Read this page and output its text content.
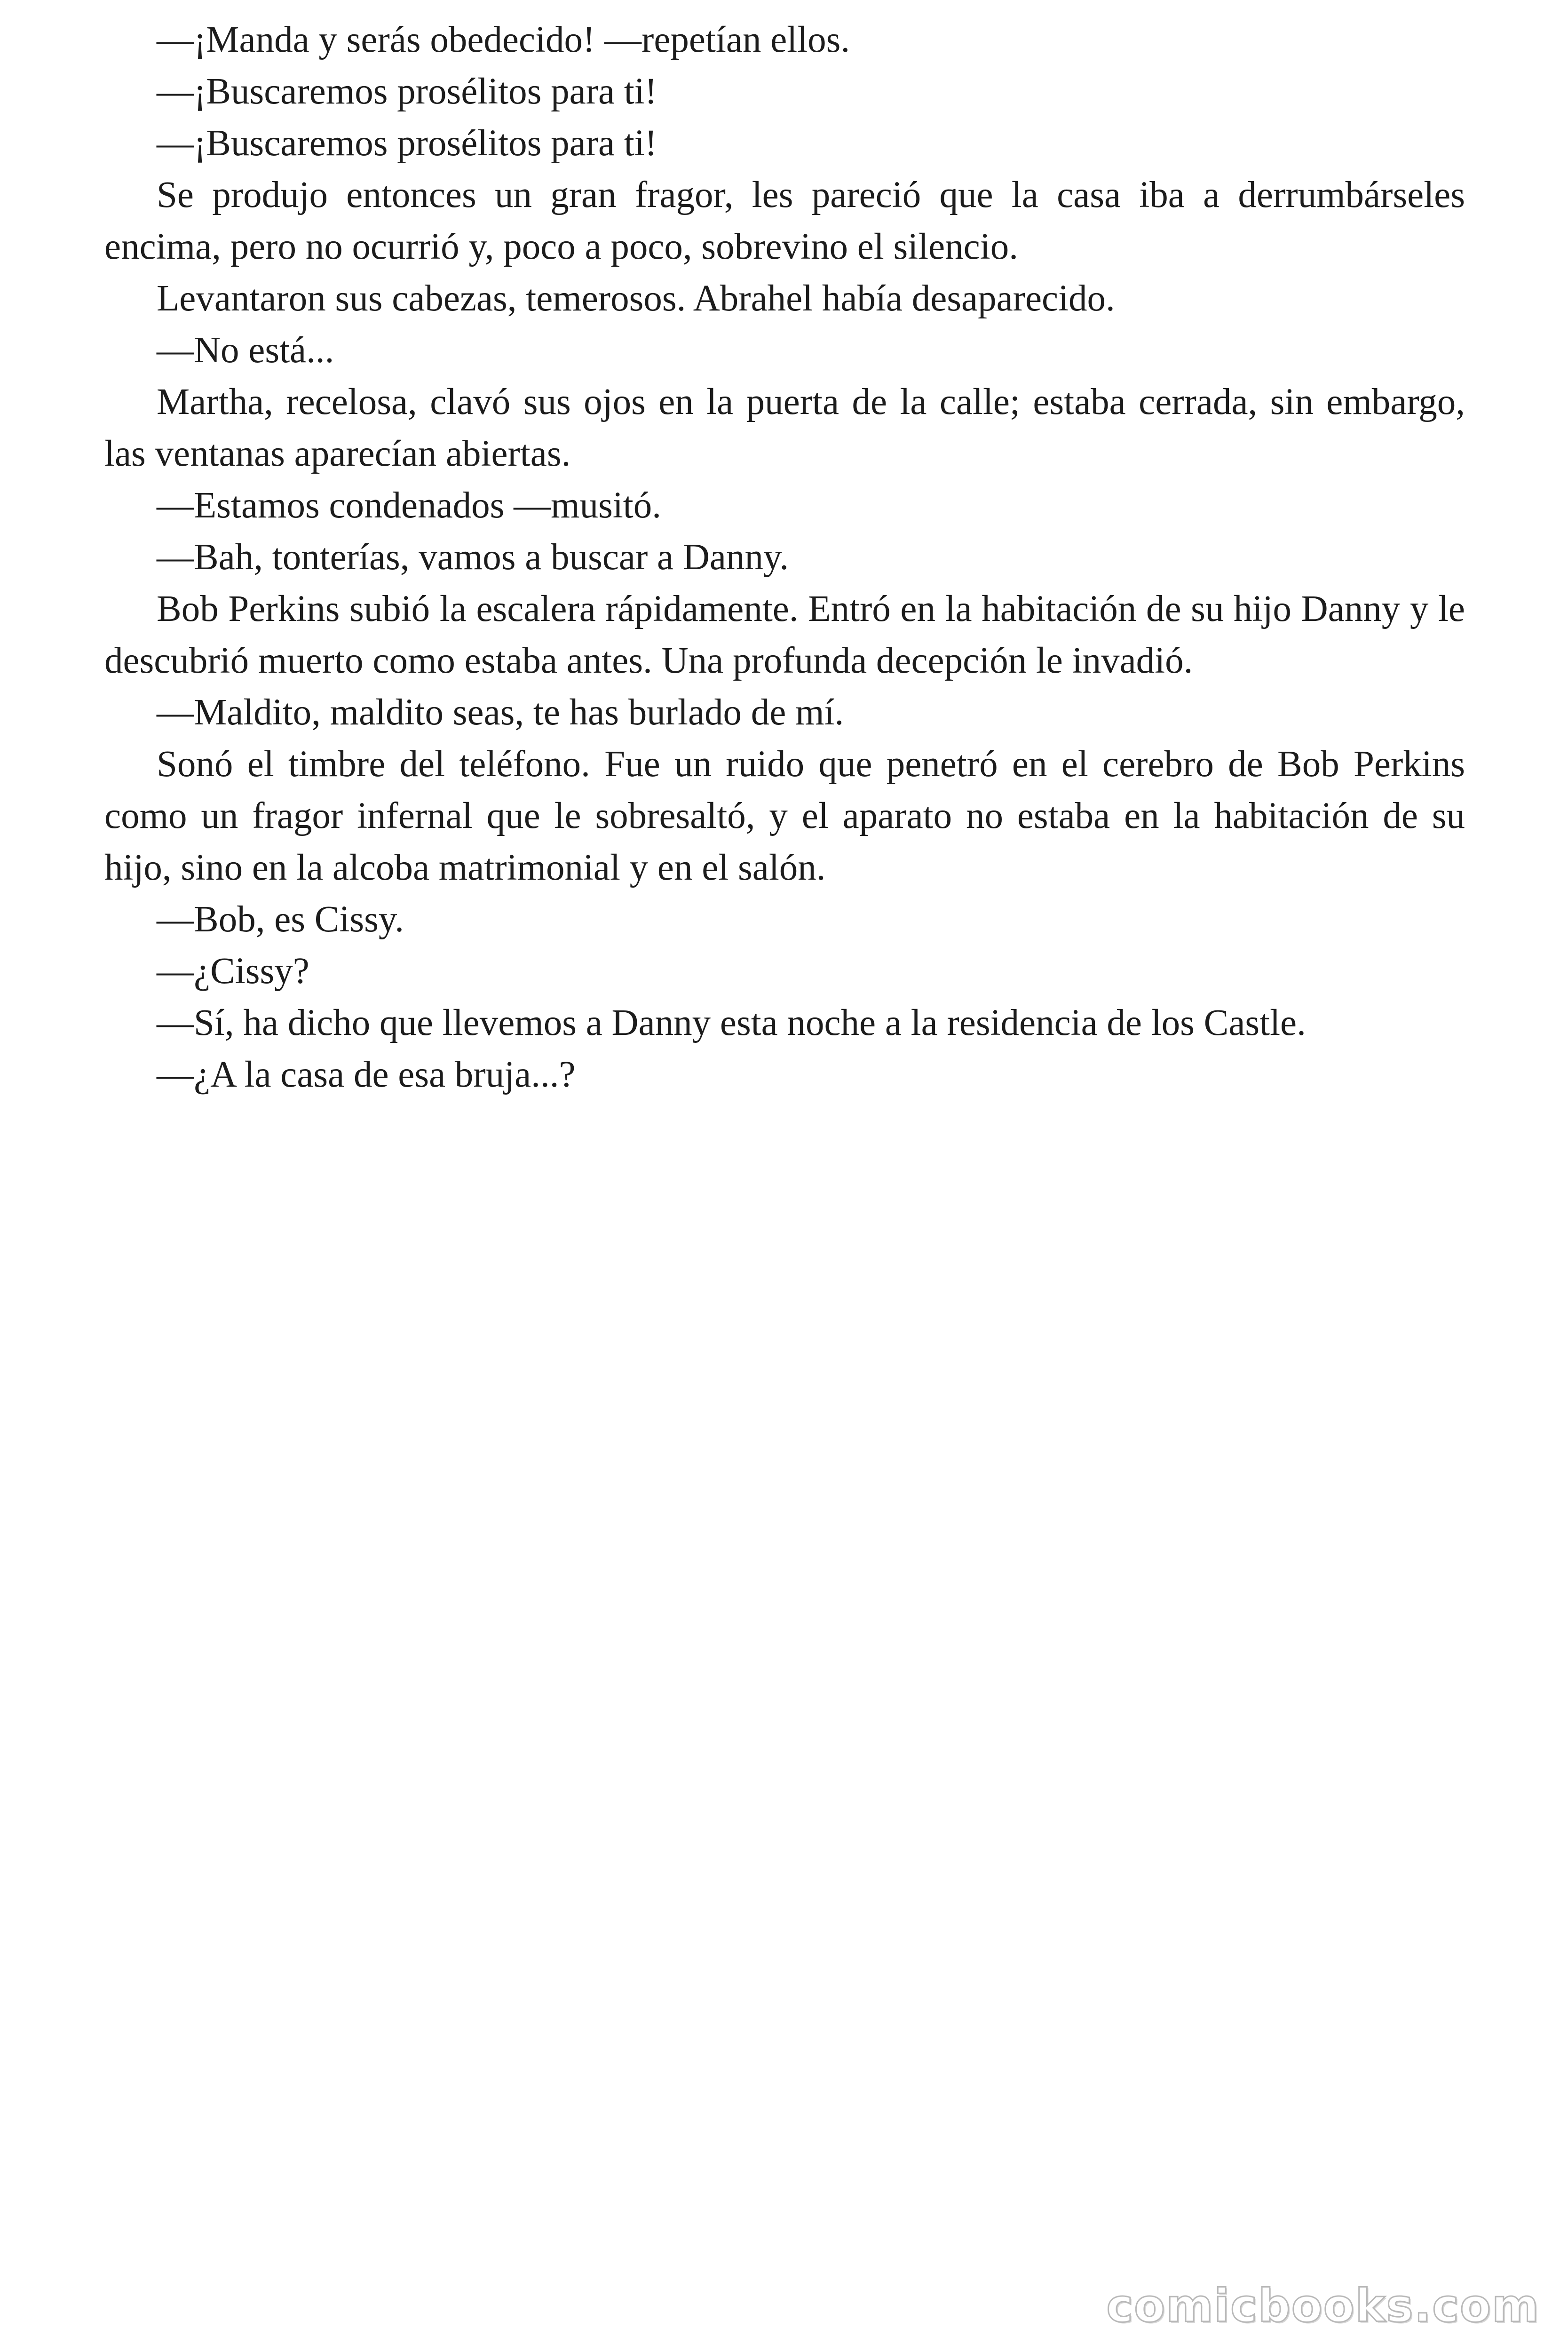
—¡Manda y serás obedecido! —repetían ellos.

—¡Buscaremos prosélitos para ti!

—¡Buscaremos prosélitos para ti!

Se produjo entonces un gran fragor, les pareció que la casa iba a derrumbárseles encima, pero no ocurrió y, poco a poco, sobrevino el silencio.

Levantaron sus cabezas, temerosos. Abrahel había desaparecido.

—No está...

Martha, recelosa, clavó sus ojos en la puerta de la calle; estaba cerrada, sin embargo, las ventanas aparecían abiertas.

—Estamos condenados —musitó.

—Bah, tonterías, vamos a buscar a Danny.

Bob Perkins subió la escalera rápidamente. Entró en la habitación de su hijo Danny y le descubrió muerto como estaba antes. Una profunda decepción le invadió.

—Maldito, maldito seas, te has burlado de mí.

Sonó el timbre del teléfono. Fue un ruido que penetró en el cerebro de Bob Perkins como un fragor infernal que le sobresaltó, y el aparato no estaba en la habitación de su hijo, sino en la alcoba matrimonial y en el salón.

—Bob, es Cissy.

—¿Cissy?

—Sí, ha dicho que llevemos a Danny esta noche a la residencia de los Castle.

—¿A la casa de esa bruja...?

comicbooks.com
